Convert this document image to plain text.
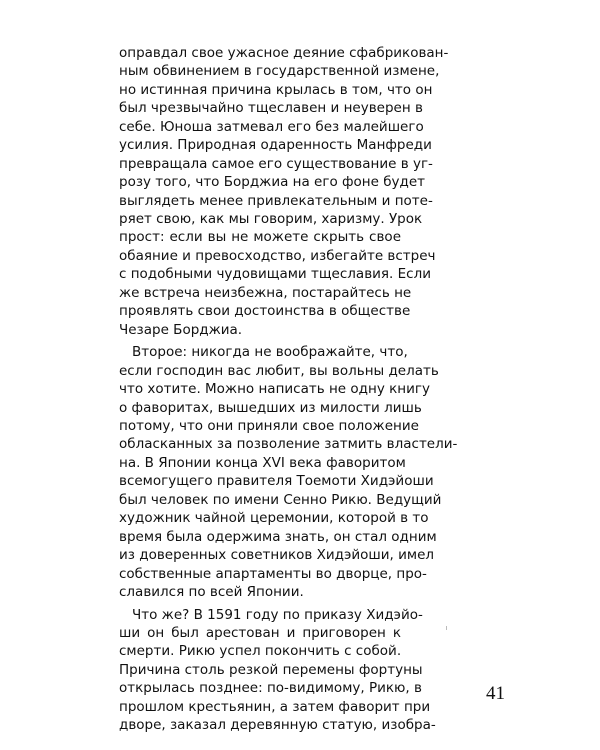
оправдал свое ужасное деяние сфабрикован-
ным обвинением в государственной измене,
но истинная причина крылась в том, что он
был чрезвычайно тщеславен и неуверен в
себе. Юноша затмевал его без малейшего
усилия. Природная одаренность Манфреди
превращала самое его существование в уг-
розу того, что Борджиа на его фоне будет
выглядеть менее привлекательным и поте-
ряет свою, как мы говорим, харизму. Урок
прост: если вы не можете скрыть свое
обаяние и превосходство, избегайте встреч
с подобными чудовищами тщеславия. Если
же встреча неизбежна, постарайтесь не
проявлять свои достоинства в обществе
Чезаре Борджиа.
Второе: никогда не воображайте, что,
если господин вас любит, вы вольны делать
что хотите. Можно написать не одну книгу
о фаворитах, вышедших из милости лишь
потому, что они приняли свое положение
обласканных за позволение затмить властели-
на. В Японии конца XVI века фаворитом
всемогущего правителя Тоемоти Хидэйоши
был человек по имени Сенно Рикю. Ведущий
художник чайной церемонии, которой в то
время была одержима знать, он стал одним
из доверенных советников Хидэйоши, имел
собственные апартаменты во дворце, про-
славился по всей Японии.
Что же? В 1591 году по приказу Хидэйо-
ши он был арестован и приговорен к
смерти. Рикю успел покончить с собой.
Причина столь резкой перемены фортуны
открылась позднее: по-видимому, Рикю, в
прошлом крестьянин, а затем фаворит при
дворе, заказал деревянную статую, изобра-
41
